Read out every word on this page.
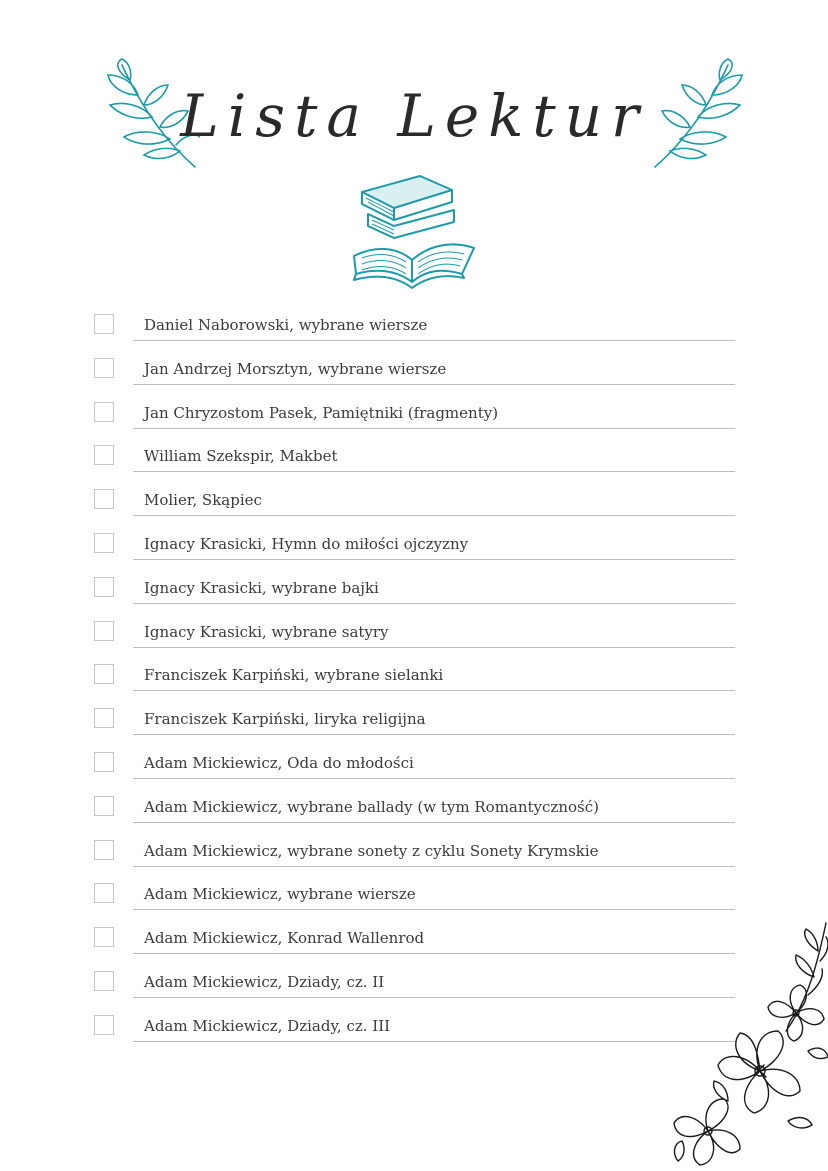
Lista Lektur
Daniel Naborowski, wybrane wiersze
Jan Andrzej Morsztyn, wybrane wiersze
Jan Chryzostom Pasek, Pamiętniki (fragmenty)
William Szekspir, Makbet
Molier, Skąpiec
Ignacy Krasicki, Hymn do miłości ojczyzny
Ignacy Krasicki, wybrane bajki
Ignacy Krasicki, wybrane satyry
Franciszek Karpiński, wybrane sielanki
Franciszek Karpiński, liryka religijna
Adam Mickiewicz, Oda do młodości
Adam Mickiewicz, wybrane ballady (w tym Romantyczność)
Adam Mickiewicz, wybrane sonety z cyklu Sonety Krymskie
Adam Mickiewicz, wybrane wiersze
Adam Mickiewicz, Konrad Wallenrod
Adam Mickiewicz, Dziady, cz. II
Adam Mickiewicz, Dziady, cz. III
